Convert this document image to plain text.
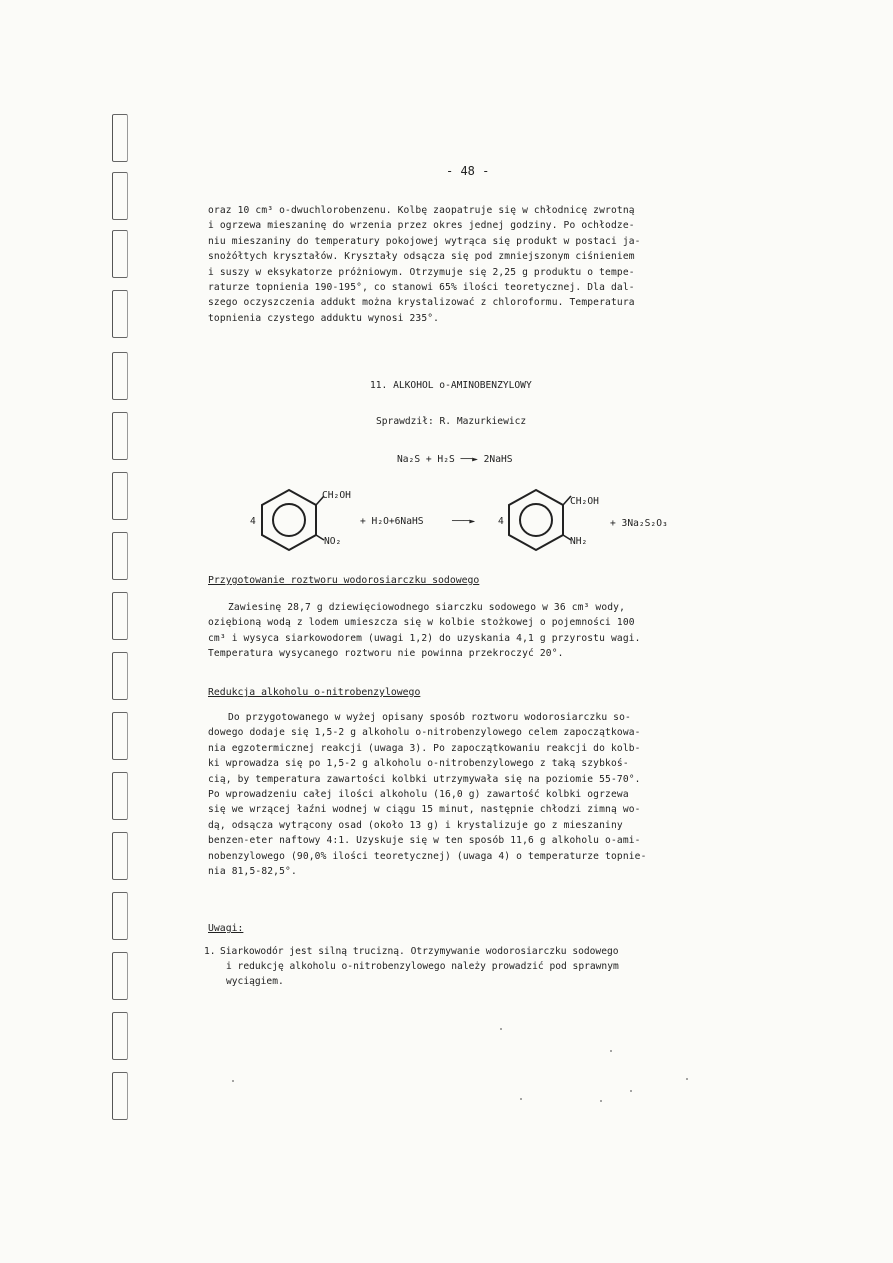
- 48 -
oraz 10 cm³ o-dwuchlorobenzenu. Kolbę zaopatruje się w chłodnicę zwrotną
i ogrzewa mieszaninę do wrzenia przez okres jednej godziny. Po ochłodze-
niu mieszaniny do temperatury pokojowej wytrąca się produkt w postaci ja-
snożółtych kryształów. Kryształy odsącza się pod zmniejszonym ciśnieniem
i suszy w eksykatorze próżniowym. Otrzymuje się 2,25 g produktu o tempe-
raturze topnienia 190-195°, co stanowi 65% ilości teoretycznej. Dla dal-
szego oczyszczenia addukt można krystalizować z chloroformu. Temperatura
topnienia czystego adduktu wynosi 235°.
11. ALKOHOL o-AMINOBENZYLOWY
Sprawdził: R. Mazurkiewicz
Na₂S + H₂S ──► 2NaHS
4
CH₂OH
NO₂
+ H₂O+6NaHS	───► 4
CH₂OH
NH₂
+ 3Na₂S₂O₃
Przygotowanie roztworu wodorosiarczku sodowego
Zawiesinę 28,7 g dziewięciowodnego siarczku sodowego w 36 cm³ wody,
oziębioną wodą z lodem umieszcza się w kolbie stożkowej o pojemności 100
cm³ i wysyca siarkowodorem (uwagi 1,2) do uzyskania 4,1 g przyrostu wagi.
Temperatura wysycanego roztworu nie powinna przekroczyć 20°.
Redukcja alkoholu o-nitrobenzylowego
Do przygotowanego w wyżej opisany sposób roztworu wodorosiarczku so-
dowego dodaje się 1,5-2 g alkoholu o-nitrobenzylowego celem zapoczątkowa-
nia egzotermicznej reakcji (uwaga 3). Po zapoczątkowaniu reakcji do kolb-
ki wprowadza się po 1,5-2 g alkoholu o-nitrobenzylowego z taką szybkoś-
cią, by temperatura zawartości kolbki utrzymywała się na poziomie 55-70°.
Po wprowadzeniu całej ilości alkoholu (16,0 g) zawartość kolbki ogrzewa
się we wrzącej łaźni wodnej w ciągu 15 minut, następnie chłodzi zimną wo-
dą, odsącza wytrącony osad (około 13 g) i krystalizuje go z mieszaniny
benzen-eter naftowy 4:1. Uzyskuje się w ten sposób 11,6 g alkoholu o-ami-
nobenzylowego (90,0% ilości teoretycznej) (uwaga 4) o temperaturze topnie-
nia 81,5-82,5°.
Uwagi:
1. Siarkowodór jest silną trucizną. Otrzymywanie wodorosiarczku sodowego
i redukcję alkoholu o-nitrobenzylowego należy prowadzić pod sprawnym
wyciągiem.
